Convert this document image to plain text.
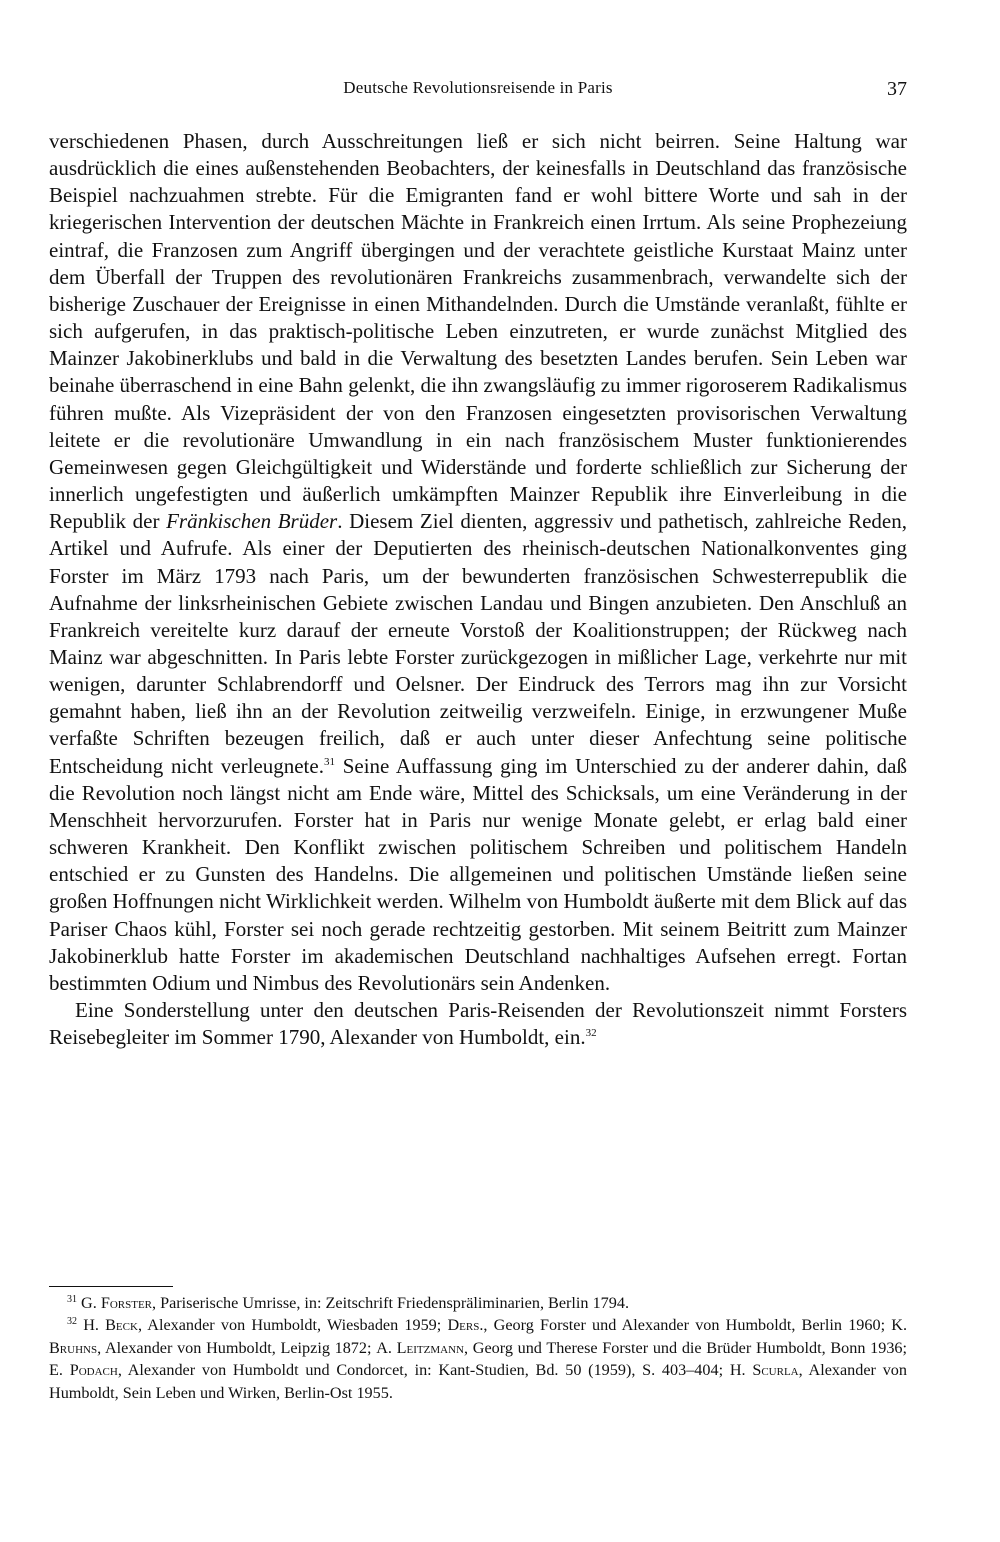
Deutsche Revolutionsreisende in Paris	37

verschiedenen Phasen, durch Ausschreitungen ließ er sich nicht beirren. Seine Haltung war ausdrücklich die eines außenstehenden Beobachters, der keinesfalls in Deutschland das französische Beispiel nachzuahmen strebte. Für die Emigranten fand er wohl bittere Worte und sah in der kriegerischen Intervention der deutschen Mächte in Frankreich einen Irrtum. Als seine Prophezeiung eintraf, die Franzosen zum Angriff übergingen und der verachtete geistliche Kurstaat Mainz unter dem Überfall der Truppen des revolutionären Frankreichs zusammenbrach, verwandelte sich der bisherige Zuschauer der Ereignisse in einen Mithandelnden. Durch die Umstände veranlaßt, fühlte er sich aufgerufen, in das praktisch-politische Leben einzutreten, er wurde zunächst Mitglied des Mainzer Jakobinerklubs und bald in die Verwaltung des besetzten Landes berufen. Sein Leben war beinahe überraschend in eine Bahn gelenkt, die ihn zwangsläufig zu immer rigoroserem Radikalismus führen mußte. Als Vizepräsident der von den Franzosen eingesetzten provisorischen Verwaltung leitete er die revolutionäre Umwandlung in ein nach französischem Muster funktionierendes Gemeinwesen gegen Gleichgültigkeit und Widerstände und forderte schließlich zur Sicherung der innerlich ungefestigten und äußerlich umkämpften Mainzer Republik ihre Einverleibung in die Republik der Fränkischen Brüder. Diesem Ziel dienten, aggressiv und pathetisch, zahlreiche Reden, Artikel und Aufrufe. Als einer der Deputierten des rheinisch-deutschen Nationalkonventes ging Forster im März 1793 nach Paris, um der bewunderten französischen Schwesterrepublik die Aufnahme der linksrheinischen Gebiete zwischen Landau und Bingen anzubieten. Den Anschluß an Frankreich vereitelte kurz darauf der erneute Vorstoß der Koalitionstruppen; der Rückweg nach Mainz war abgeschnitten. In Paris lebte Forster zurückgezogen in mißlicher Lage, verkehrte nur mit wenigen, darunter Schlabrendorff und Oelsner. Der Eindruck des Terrors mag ihn zur Vorsicht gemahnt haben, ließ ihn an der Revolution zeitweilig verzweifeln. Einige, in erzwungener Muße verfaßte Schriften bezeugen freilich, daß er auch unter dieser Anfechtung seine politische Entscheidung nicht verleugnete.$^{31}$ Seine Auffassung ging im Unterschied zu der anderer dahin, daß die Revolution noch längst nicht am Ende wäre, Mittel des Schicksals, um eine Veränderung in der Menschheit hervorzurufen. Forster hat in Paris nur wenige Monate gelebt, er erlag bald einer schweren Krankheit. Den Konflikt zwischen politischem Schreiben und politischem Handeln entschied er zu Gunsten des Handelns. Die allgemeinen und politischen Umstände ließen seine großen Hoffnungen nicht Wirklichkeit werden. Wilhelm von Humboldt äußerte mit dem Blick auf das Pariser Chaos kühl, Forster sei noch gerade rechtzeitig gestorben. Mit seinem Beitritt zum Mainzer Jakobinerklub hatte Forster im akademischen Deutschland nachhaltiges Aufsehen erregt. Fortan bestimmten Odium und Nimbus des Revolutionärs sein Andenken.

Eine Sonderstellung unter den deutschen Paris-Reisenden der Revolutionszeit nimmt Forsters Reisebegleiter im Sommer 1790, Alexander von Humboldt, ein.$^{32}$

$^{31}$ G. Forster, Pariserische Umrisse, in: Zeitschrift Friedenspräliminarien, Berlin 1794.

$^{32}$ H. Beck, Alexander von Humboldt, Wiesbaden 1959; Ders., Georg Forster und Alexander von Humboldt, Berlin 1960; K. Bruhns, Alexander von Humboldt, Leipzig 1872; A. Leitzmann, Georg und Therese Forster und die Brüder Humboldt, Bonn 1936; E. Podach, Alexander von Humboldt und Condorcet, in: Kant-Studien, Bd. 50 (1959), S. 403–404; H. Scurla, Alexander von Humboldt, Sein Leben und Wirken, Berlin-Ost 1955.
